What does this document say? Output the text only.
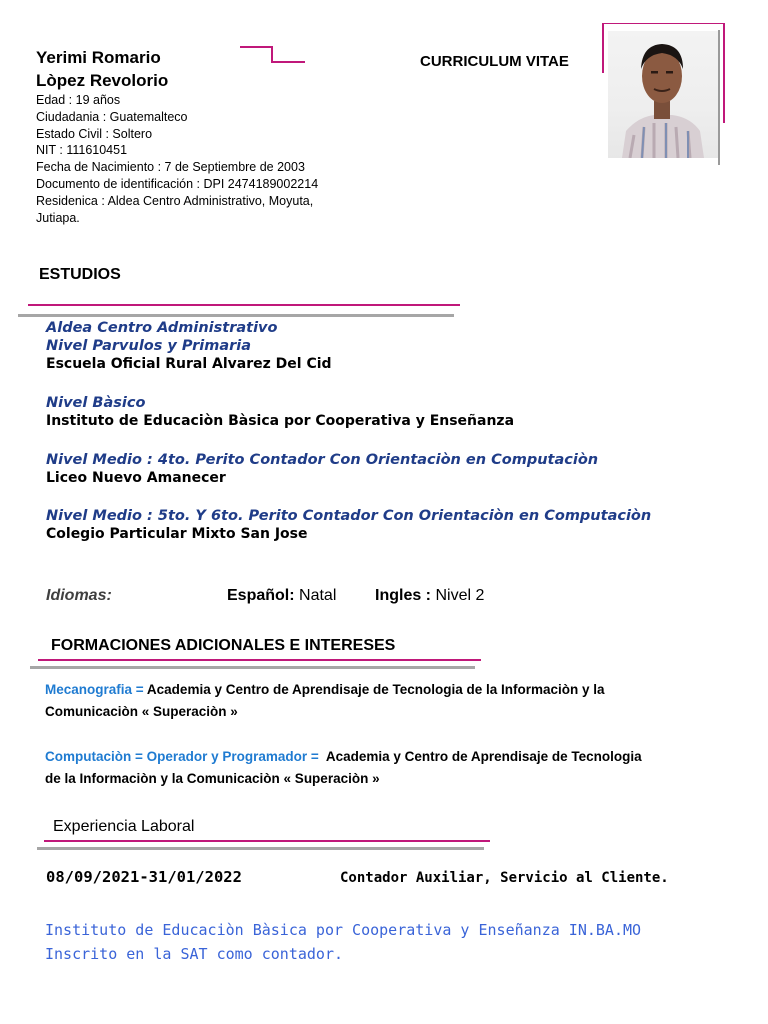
Yerimi Romario
Lòpez Revolorio
CURRICULUM VITAE
Edad : 19 años
Ciudadania : Guatemalteco
Estado Civil : Soltero
NIT : 111610451
Fecha de Nacimiento : 7 de Septiembre de 2003
Documento de identificación : DPI 2474189002214
Residenica : Aldea Centro Administrativo, Moyuta,
Jutiapa.
ESTUDIOS
Aldea Centro Administrativo
Nivel Parvulos y Primaria
Escuela Oficial Rural Alvarez Del Cid
Nivel Bàsico
Instituto de Educaciòn Bàsica por Cooperativa y Enseñanza
Nivel Medio : 4to. Perito Contador Con Orientaciòn en Computaciòn
Liceo Nuevo Amanecer
Nivel Medio : 5to. Y 6to. Perito Contador Con Orientaciòn en Computaciòn
Colegio Particular Mixto San Jose
Idiomas:	Español: Natal Ingles : Nivel 2
FORMACIONES ADICIONALES E INTERESES
Mecanografia = Academia y Centro de Aprendisaje de Tecnologia de la Informaciòn y la
Comunicaciòn « Superaciòn »
Computaciòn = Operador y Programador = Academia y Centro de Aprendisaje de Tecnologia
de la Informaciòn y la Comunicaciòn « Superaciòn »
Experiencia Laboral
08/09/2021-31/01/2022	Contador Auxiliar, Servicio al Cliente.
Instituto de Educaciòn Bàsica por Cooperativa y Enseñanza IN.BA.MO
Inscrito en la SAT como contador.
